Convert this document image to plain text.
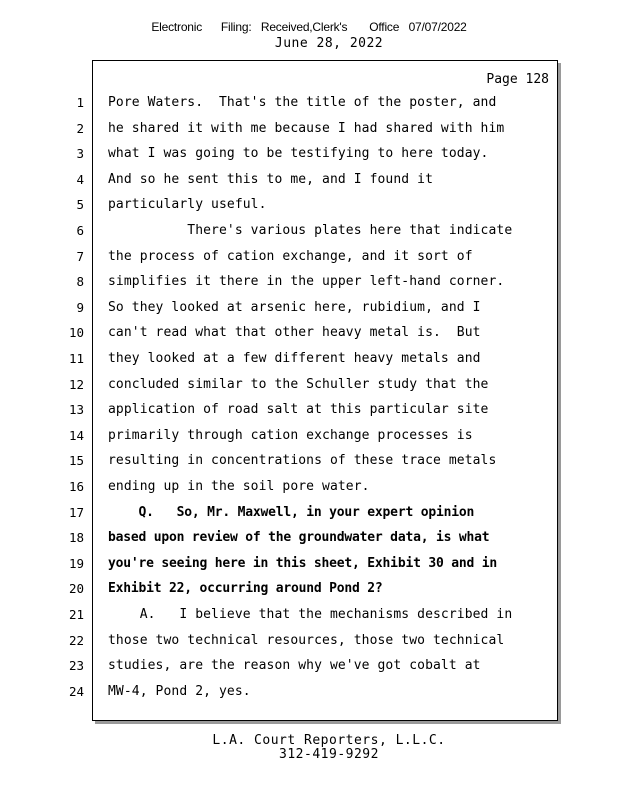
Electronic      Filing:   Received,Clerk's       Office   07/07/2022
June 28, 2022
Page 128
1 Pore Waters.  That's the title of the poster, and
2 he shared it with me because I had shared with him
3 what I was going to be testifying to here today.
4 And so he sent this to me, and I found it
5 particularly useful.
6 There's various plates here that indicate
7 the process of cation exchange, and it sort of
8 simplifies it there in the upper left-hand corner.
9 So they looked at arsenic here, rubidium, and I
10 can't read what that other heavy metal is.  But
11 they looked at a few different heavy metals and
12 concluded similar to the Schuller study that the
13 application of road salt at this particular site
14 primarily through cation exchange processes is
15 resulting in concentrations of these trace metals
16 ending up in the soil pore water.
17 Q.   So, Mr. Maxwell, in your expert opinion
18 based upon review of the groundwater data, is what
19 you're seeing here in this sheet, Exhibit 30 and in
20 Exhibit 22, occurring around Pond 2?
21 A.   I believe that the mechanisms described in
22 those two technical resources, those two technical
23 studies, are the reason why we've got cobalt at
24 MW-4, Pond 2, yes.
L.A. Court Reporters, L.L.C.
312-419-9292
